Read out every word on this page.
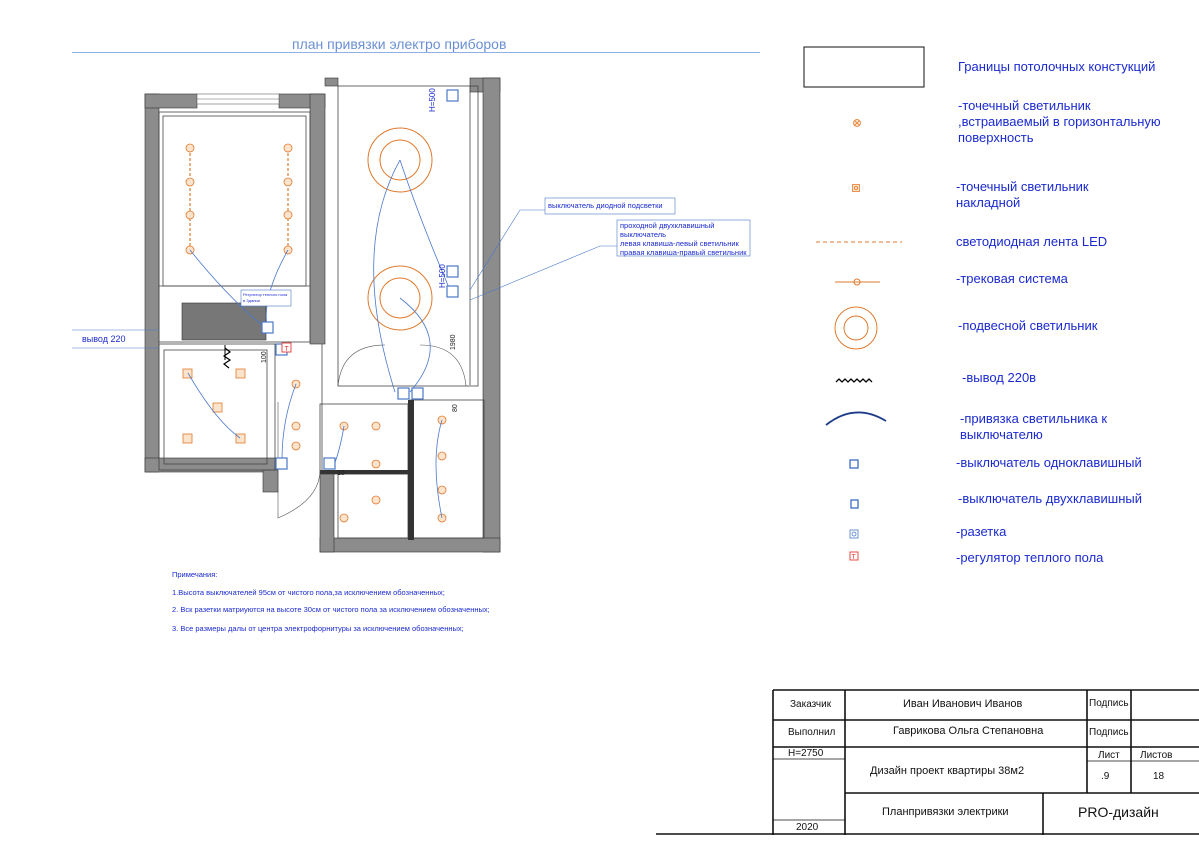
план привязки электро приборов
T
вывод 220
выключатель диодной подсветки
проходной двухклавишный
выключатель
левая клавиша-левый светильник
правая клавиша-правый светильник
Регулятор теплого пола
в Здании
H=500
H=500
1980
80
100
10
T
Границы потолочных констукций
-точечный светильник ,встраиваемый в горизонтальную поверхность
-точечный светильник накладной
светодиодная лента LED
-трековая система
-подвесной светильник
-вывод 220в
-привязка светильника к выключателю
-выключатель одноклавишный
-выключатель двухклавишный
-разетка
-регулятор теплого пола
Примечания:
1.Высота выключателей 95см от чистого пола,за исключением обозначенных;
2. Вск разетки матриуются на высоте 30см от чистого пола за исключением обозначенных;
3. Все размеры далы от центра электрофорнитуры за исключением обозначенных;
Заказчик	Иван Иванович Иванов	Подпись
Выполнил	Гаврикова Ольга Степановна	Подпись
H=2750
Дизайн проект квартиры 38м2
Лист Листов
.9	18
Планпривязки электрики	PRO-дизайн
2020
